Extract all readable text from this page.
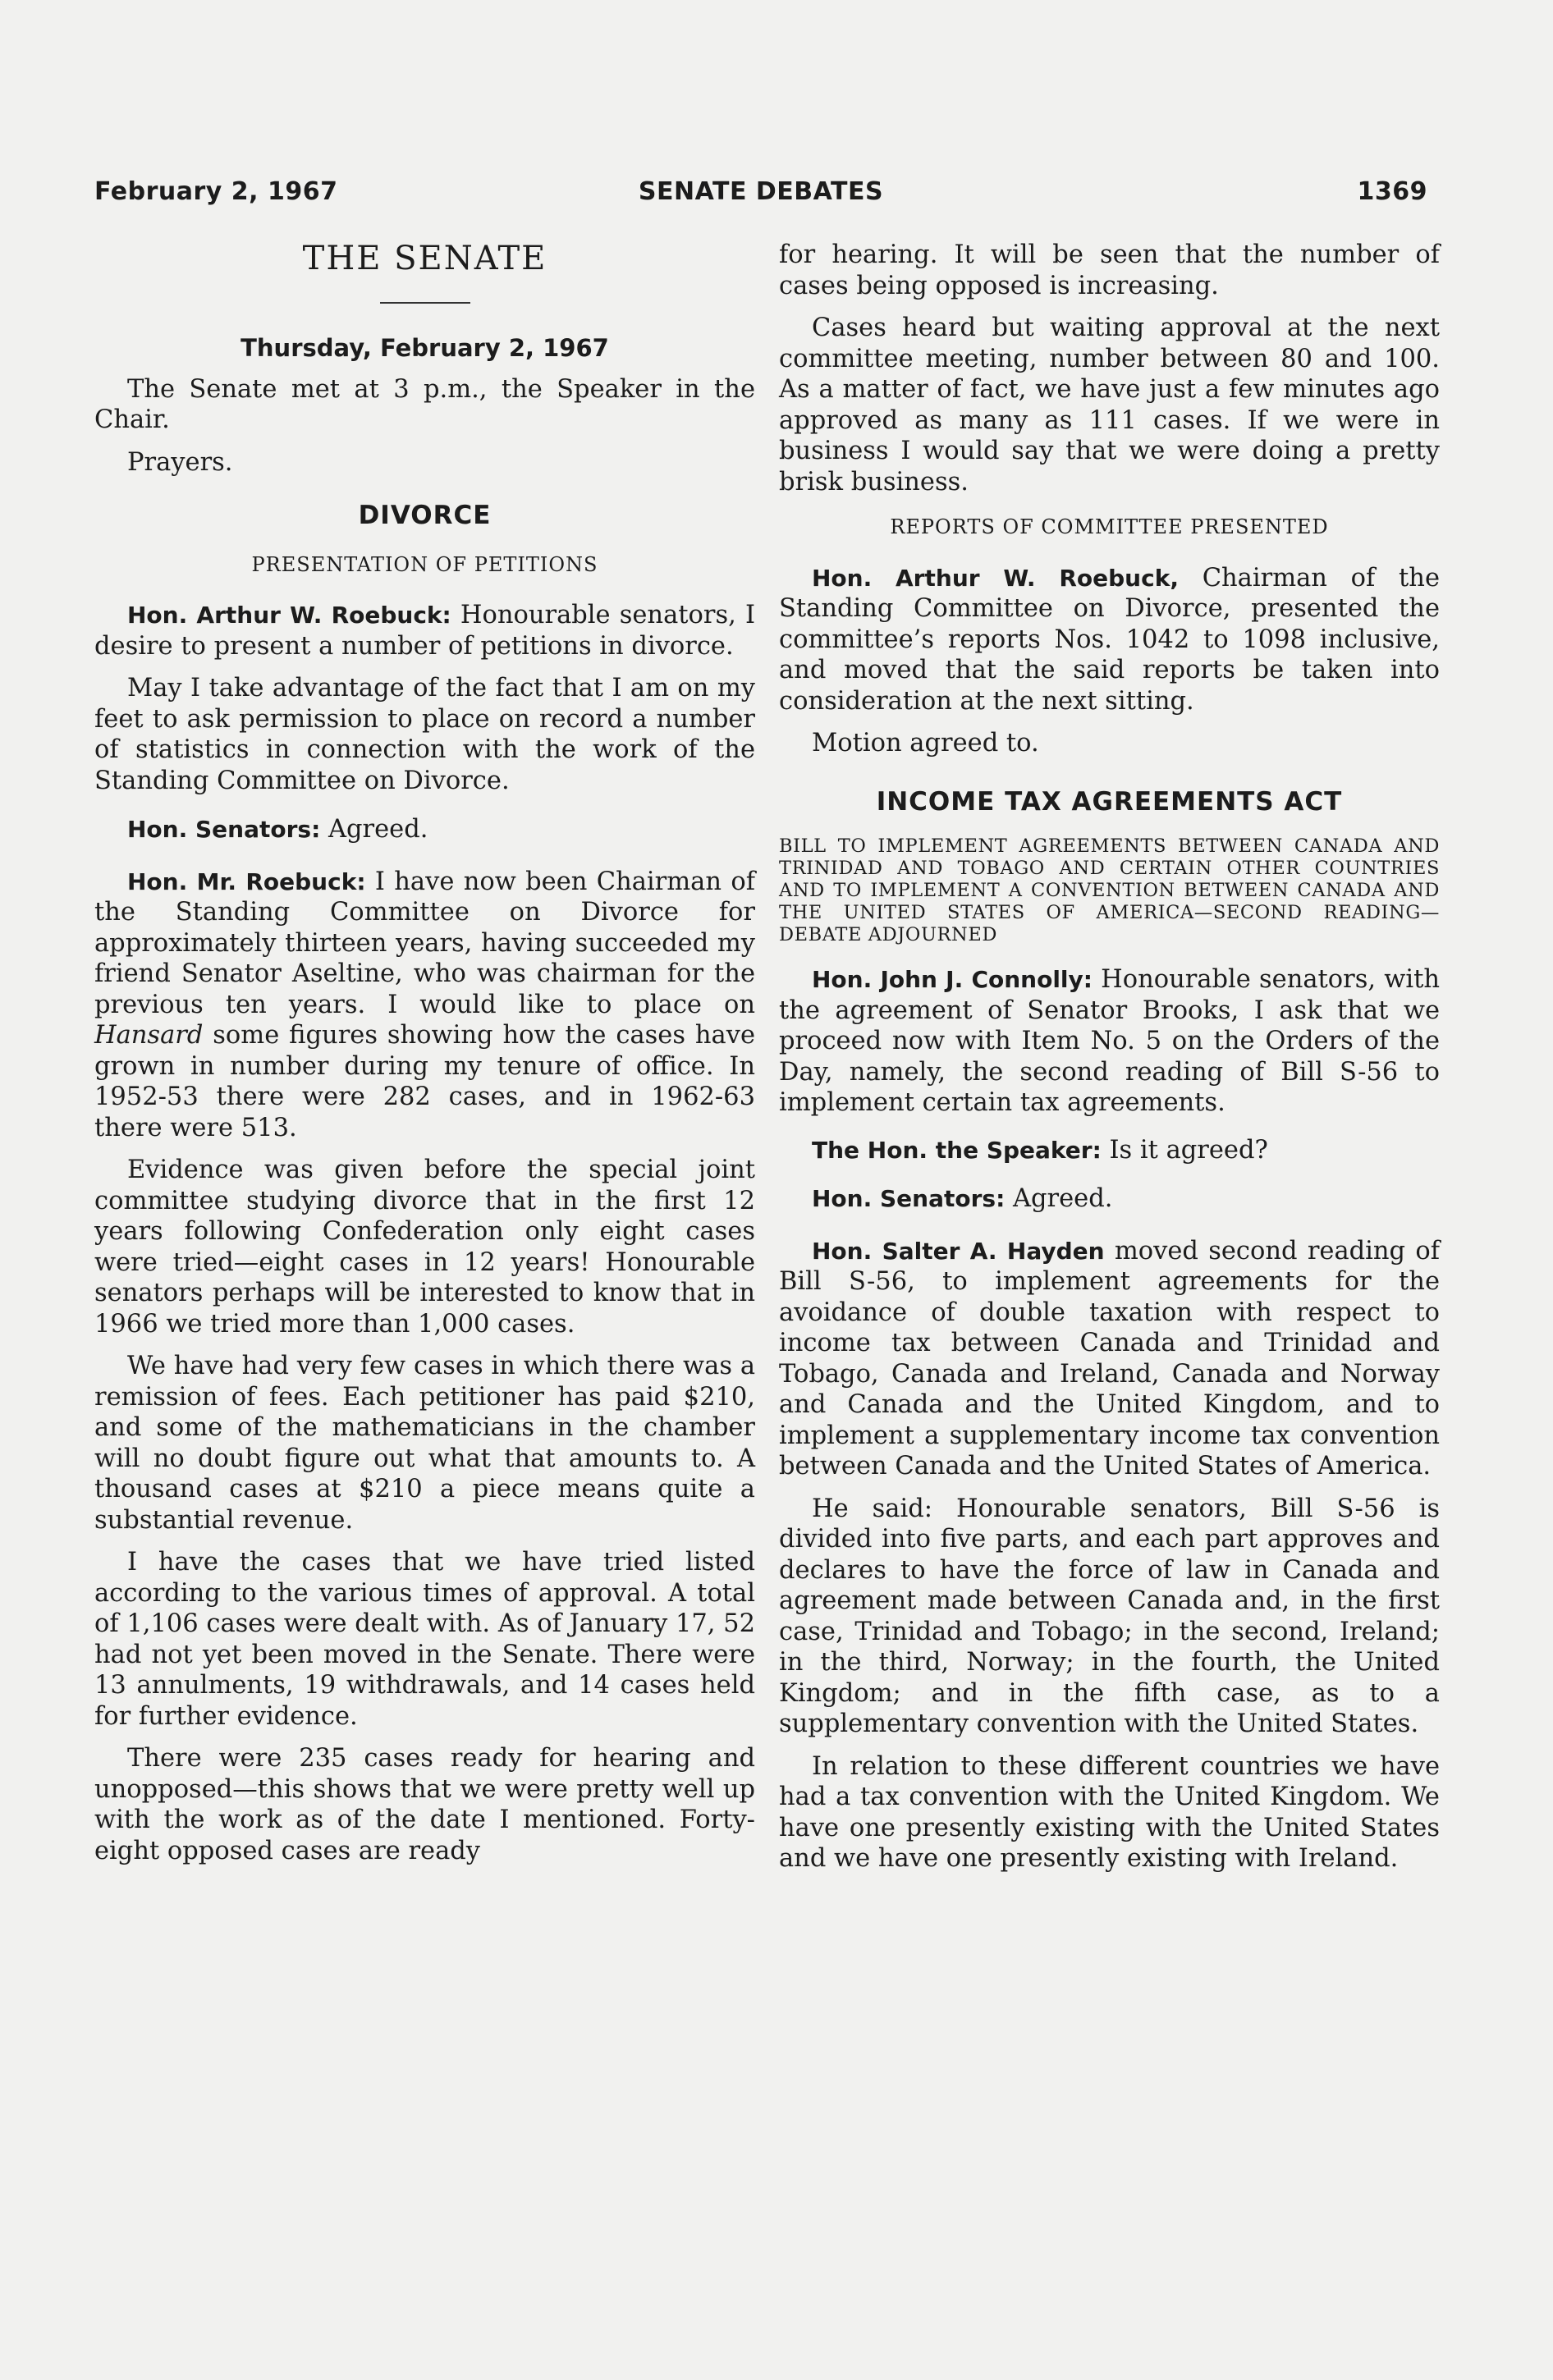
SENATE DEBATES
February 2, 1967	1369
THE SENATE
Thursday, February 2, 1967

The Senate met at 3 p.m., the Speaker in the Chair.

Prayers.

DIVORCE
PRESENTATION OF PETITIONS

Hon. Arthur W. Roebuck: Honourable senators, I desire to present a number of petitions in divorce.

May I take advantage of the fact that I am on my feet to ask permission to place on record a number of statistics in connection with the work of the Standing Committee on Divorce.

Hon. Senators: Agreed.

Hon. Mr. Roebuck: I have now been Chairman of the Standing Committee on Divorce for approximately thirteen years, having succeeded my friend Senator Aseltine, who was chairman for the previous ten years. I would like to place on Hansard some figures showing how the cases have grown in number during my tenure of office. In 1952-53 there were 282 cases, and in 1962-63 there were 513.

Evidence was given before the special joint committee studying divorce that in the first 12 years following Confederation only eight cases were tried—eight cases in 12 years! Honourable senators perhaps will be interested to know that in 1966 we tried more than 1,000 cases.

We have had very few cases in which there was a remission of fees. Each petitioner has paid $210, and some of the mathematicians in the chamber will no doubt figure out what that amounts to. A thousand cases at $210 a piece means quite a substantial revenue.

I have the cases that we have tried listed according to the various times of approval. A total of 1,106 cases were dealt with. As of January 17, 52 had not yet been moved in the Senate. There were 13 annulments, 19 withdrawals, and 14 cases held for further evidence.

There were 235 cases ready for hearing and unopposed—this shows that we were pretty well up with the work as of the date I mentioned. Forty-eight opposed cases are ready

for hearing. It will be seen that the number of cases being opposed is increasing.

Cases heard but waiting approval at the next committee meeting, number between 80 and 100. As a matter of fact, we have just a few minutes ago approved as many as 111 cases. If we were in business I would say that we were doing a pretty brisk business.

REPORTS OF COMMITTEE PRESENTED

Hon. Arthur W. Roebuck, Chairman of the Standing Committee on Divorce, presented the committee’s reports Nos. 1042 to 1098 inclusive, and moved that the said reports be taken into consideration at the next sitting.

Motion agreed to.

INCOME TAX AGREEMENTS ACT
BILL TO IMPLEMENT AGREEMENTS BETWEEN CANADA AND TRINIDAD AND TOBAGO AND CERTAIN OTHER COUNTRIES AND TO IMPLEMENT A CONVENTION BETWEEN CANADA AND THE UNITED STATES OF AMERICA—SECOND READING—DEBATE ADJOURNED

Hon. John J. Connolly: Honourable senators, with the agreement of Senator Brooks, I ask that we proceed now with Item No. 5 on the Orders of the Day, namely, the second reading of Bill S-56 to implement certain tax agreements.

The Hon. the Speaker: Is it agreed?

Hon. Senators: Agreed.

Hon. Salter A. Hayden moved second reading of Bill S-56, to implement agreements for the avoidance of double taxation with respect to income tax between Canada and Trinidad and Tobago, Canada and Ireland, Canada and Norway and Canada and the United Kingdom, and to implement a supplementary income tax convention between Canada and the United States of America.

He said: Honourable senators, Bill S-56 is divided into five parts, and each part approves and declares to have the force of law in Canada and agreement made between Canada and, in the first case, Trinidad and Tobago; in the second, Ireland; in the third, Norway; in the fourth, the United Kingdom; and in the fifth case, as to a supplementary convention with the United States.

In relation to these different countries we have had a tax convention with the United Kingdom. We have one presently existing with the United States and we have one presently existing with Ireland.
